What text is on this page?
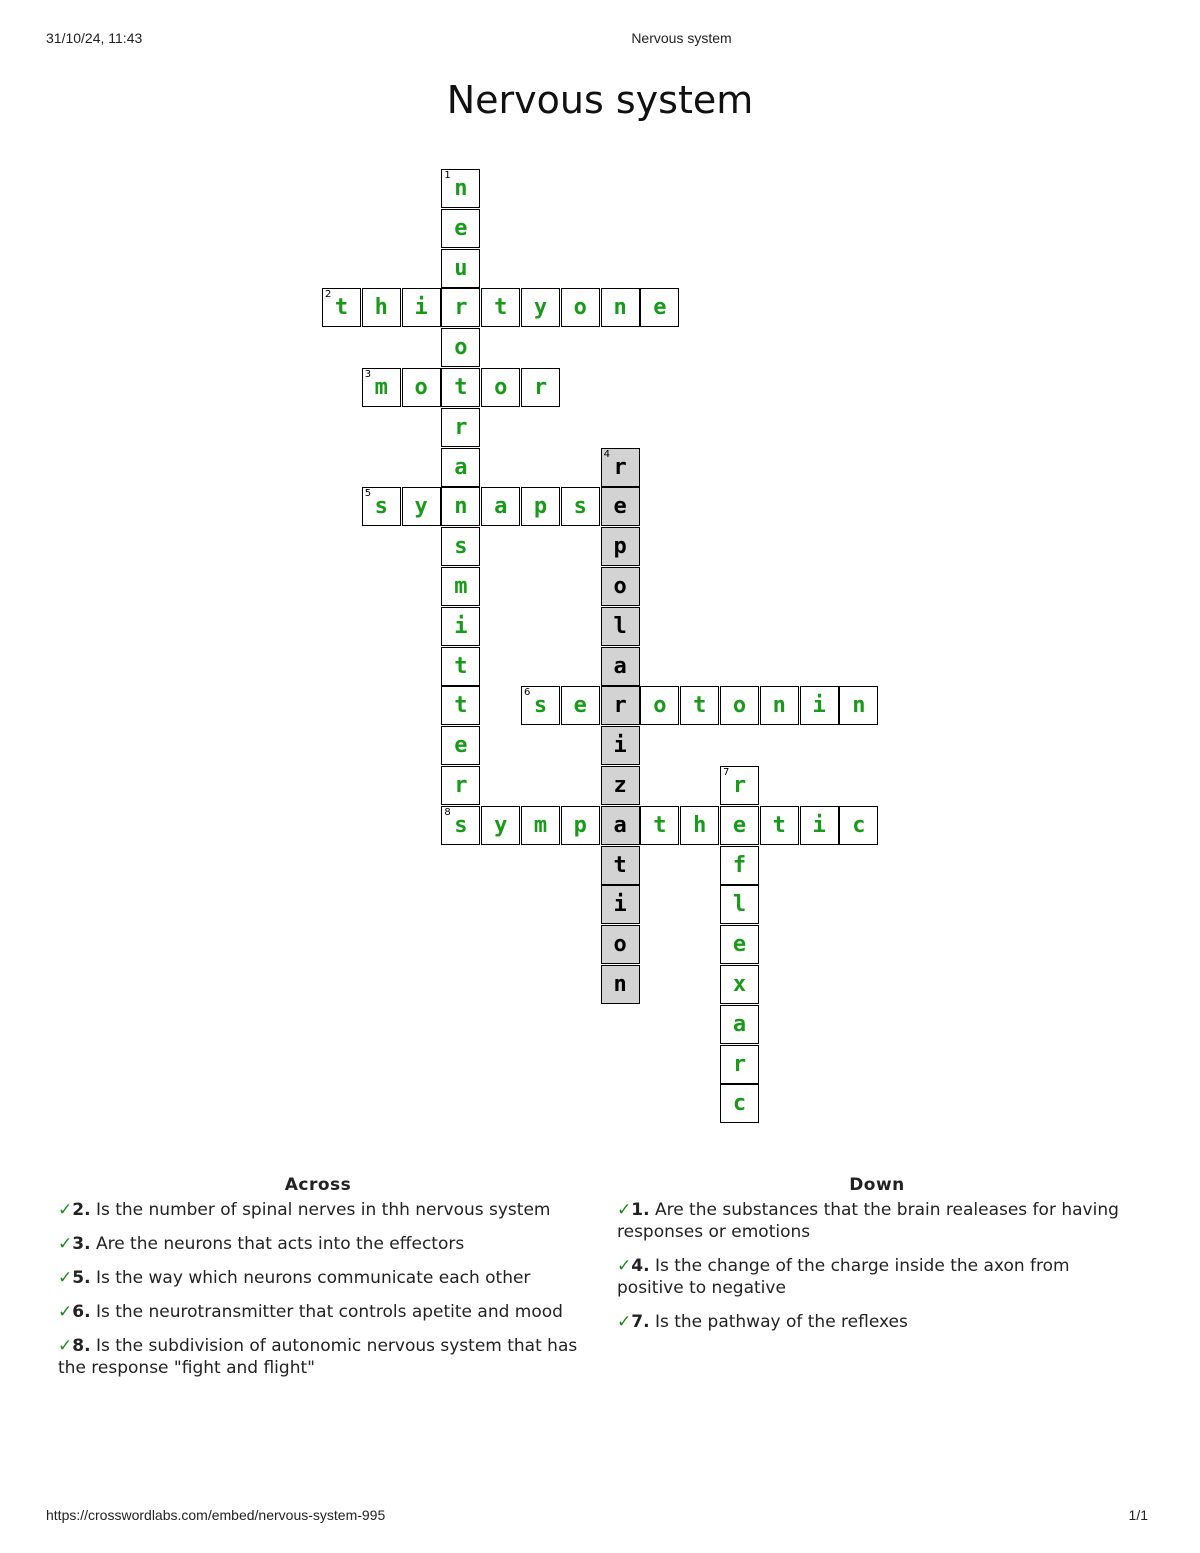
31/10/24, 11:43	Nervous system
Nervous system
1
n
e
u
r
o
t
r
a
n
s
m
i
t
t
e
r
2
t	h	i	t	y	o	n	e
3
m	o	o	r
4
r
e
p
o
l
a
r
i
z
a
t
i
o
n
5
s	y	a	p	s
6
s	e	o	t	o	n	i	n
7
r
e
f
l
e
x
a
r
c
8
s	y	m	p	t	h	t	i	c
Across
✓2. Is the number of spinal nerves in thh nervous system
✓3. Are the neurons that acts into the effectors
✓5. Is the way which neurons communicate each other
✓6. Is the neurotransmitter that controls apetite and mood
✓8. Is the subdivision of autonomic nervous system that has the response "fight and flight"
Down
✓1. Are the substances that the brain realeases for having responses or emotions
✓4. Is the change of the charge inside the axon from positive to negative
✓7. Is the pathway of the reflexes
https://crosswordlabs.com/embed/nervous-system-995	1/1
